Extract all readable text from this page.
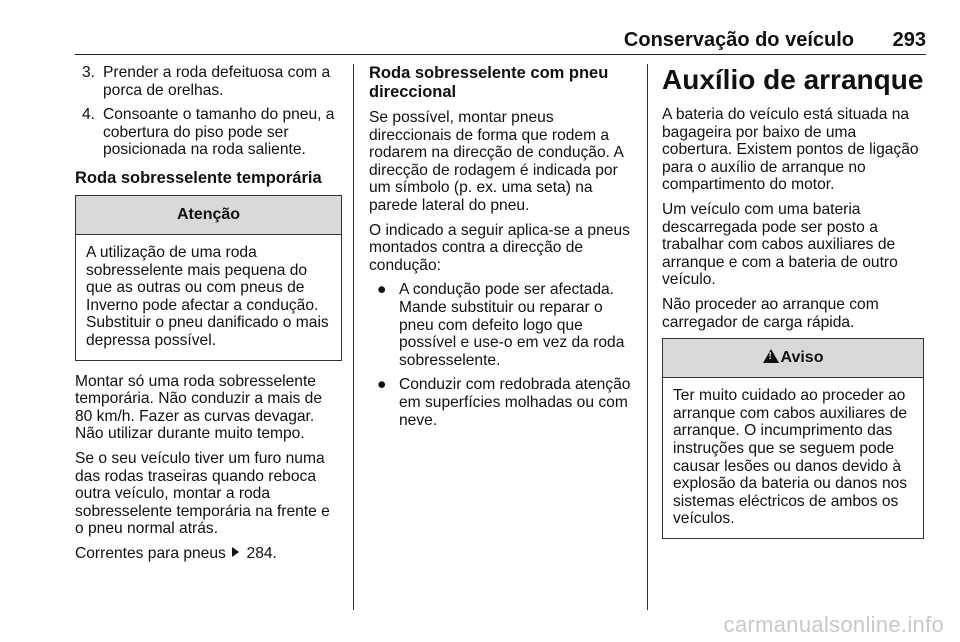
Conservação do veículo 293
3. Prender a roda defeituosa com a porca de orelhas.
4. Consoante o tamanho do pneu, a cobertura do piso pode ser posicionada na roda saliente.
Roda sobresselente temporária
Atenção
A utilização de uma roda sobresselente mais pequena do que as outras ou com pneus de Inverno pode afectar a condução. Substituir o pneu danificado o mais depressa possível.

Montar só uma roda sobresselente temporária. Não conduzir a mais de 80 km/h. Fazer as curvas devagar. Não utilizar durante muito tempo.

Se o seu veículo tiver um furo numa das rodas traseiras quando reboca outra veículo, montar a roda sobresselente temporária na frente e o pneu normal atrás.

Correntes para pneus 284.

Roda sobresselente com pneu direccional

Se possível, montar pneus direccionais de forma que rodem a rodarem na direcção de condução. A direcção de rodagem é indicada por um símbolo (p. ex. uma seta) na parede lateral do pneu.

O indicado a seguir aplica-se a pneus montados contra a direcção de condução:

● A condução pode ser afectada. Mande substituir ou reparar o pneu com defeito logo que possível e use-o em vez da roda sobresselente.
● Conduzir com redobrada atenção em superfícies molhadas ou com neve.
Auxílio de arranque

A bateria do veículo está situada na bagageira por baixo de uma cobertura. Existem pontos de ligação para o auxílio de arranque no compartimento do motor.

Um veículo com uma bateria descarregada pode ser posto a trabalhar com cabos auxiliares de arranque e com a bateria de outro veículo.

Não proceder ao arranque com carregador de carga rápida.

!Aviso
Ter muito cuidado ao proceder ao arranque com cabos auxiliares de arranque. O incumprimento das instruções que se seguem pode causar lesões ou danos devido à explosão da bateria ou danos nos sistemas eléctricos de ambos os veículos.
carmanualsonline.info
